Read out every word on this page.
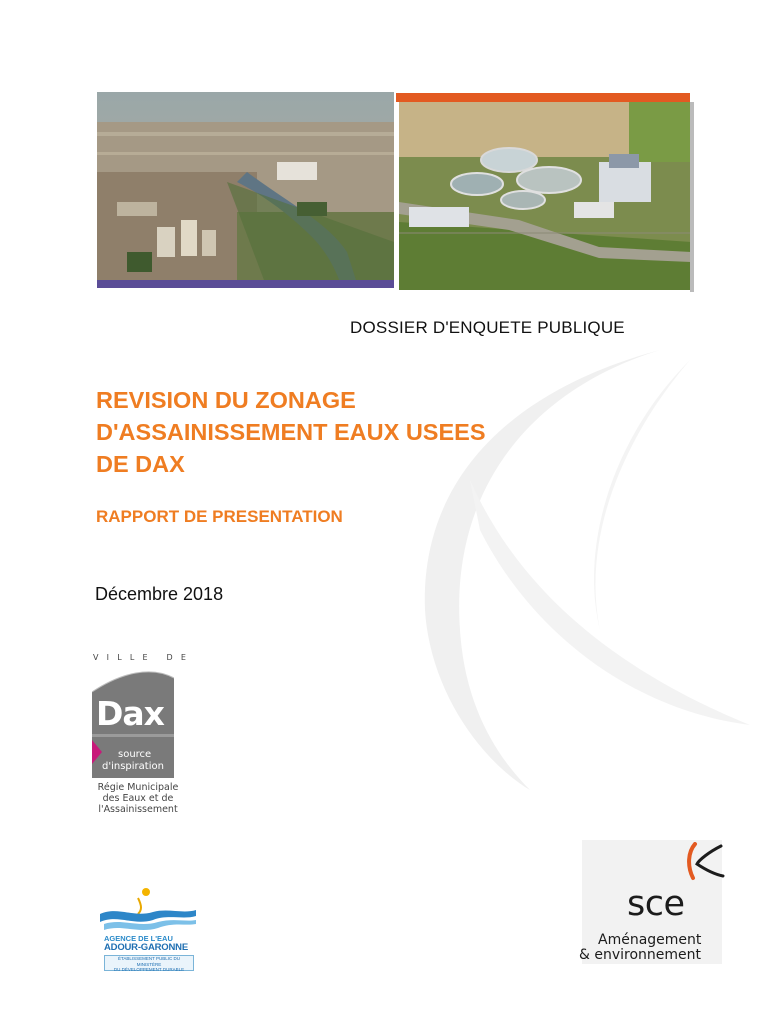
DOSSIER D'ENQUETE PUBLIQUE
REVISION DU ZONAGE
D'ASSAINISSEMENT EAUX USEES
DE DAX
RAPPORT DE PRESENTATION
Décembre 2018
VILLE DE
Dax
source
d'inspiration
Régie Municipale
des Eaux et de
l'Assainissement
AGENCE DE L'EAU
ADOUR-GARONNE
ÉTABLISSEMENT PUBLIC DU MINISTÈRE
DU DÉVELOPPEMENT DURABLE
sce
Aménagement
& environnement
